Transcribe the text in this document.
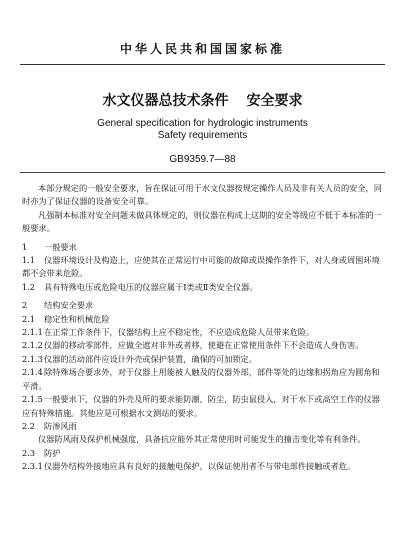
中华人民共和国国家标准
水文仪器总技术条件 安全要求
General specification for hydrologic instruments
Safety requirements
GB9359.7—88

本部分规定的一般安全要求，旨在保证可用于水文仪器按规定操作人员及非有关人员的安全，同时亦为了保证仪器的设备安全可靠。

凡强制本标准对安全问题未做具体规定的，则仪器在构成上这期的安全等级应不低于本标准的一般要求。

1 一般要求

1.1 仪器环境设计及构造上，应使其在正常运行中可能的故障或误操作条件下，对人身或周围环境都不会带来危险。

1.2 具有特殊电压或危险电压的仪器应属于Ⅰ类或Ⅱ类安全仪器。

2 结构安全要求

2.1 稳定性和机械危险

2.1.1在正常工作条件下，仪器结构上应不稳定性，不应造成危险人员带来危险。

2.1.2仪器的移动零部件，应做全遮对非外或者移，使避在正常使用条件下不会造成人身伤害。

2.1.3仪器的活动部件应设计外壳或保护装置，确保的可加锁定。

2.1.4除特殊场合要求外，对于仪器上用能被人触及的仪器外部，部件等处的边缘和拐角应为圆角和平滑。

2.1.5一般要求下，仪器的外壳及所的要求能防潮，防尘，防虫鼠侵入，对于水下或高空工作的仪器应有特殊措施。其他应是可根据水文测站的要求。

2.2 防渗风雨

仪器防风雨及保护机械强度，具备抗应能外其正常使用时可能发生的撞击变化等有利条件。

2.3 防护

2.3.1仪器外结构外接地应具有良好的接触电保护，以保证使用者不与带电部件接触或者危。
